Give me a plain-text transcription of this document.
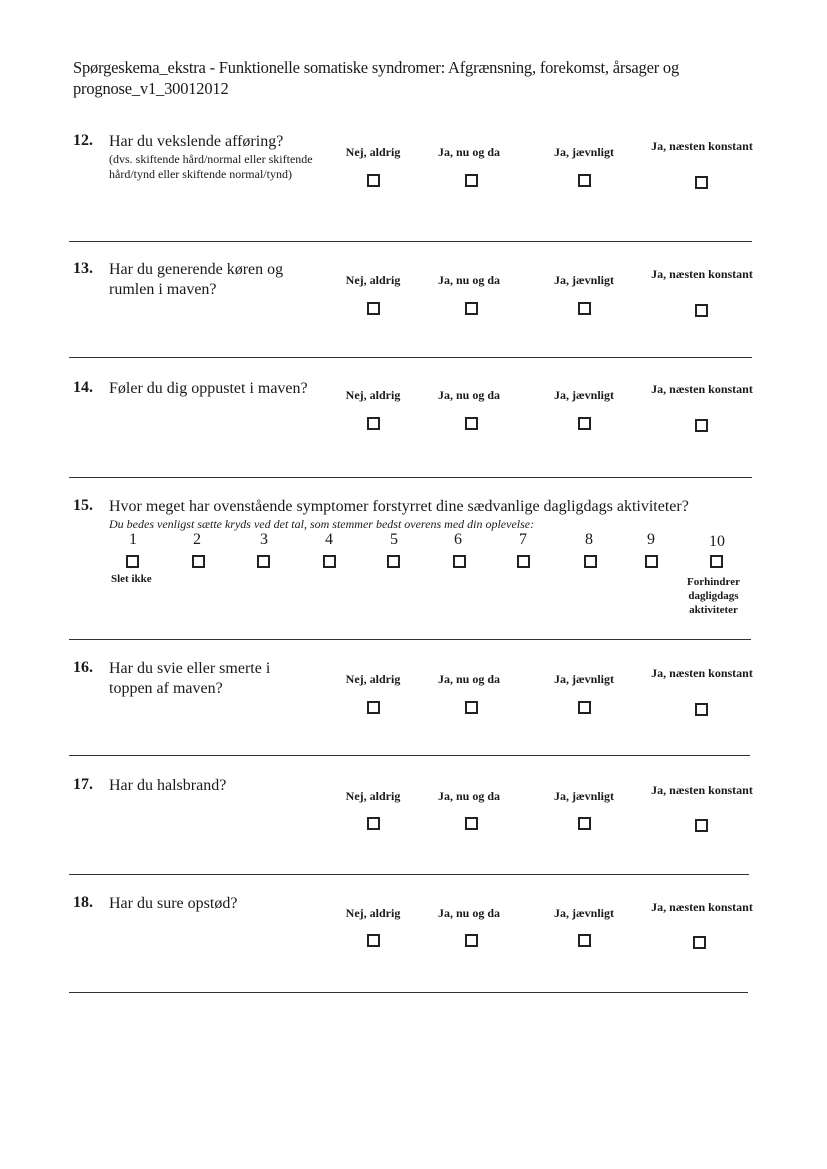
Spørgeskema_ekstra - Funktionelle somatiske syndromer: Afgrænsning, forekomst, årsager og prognose_v1_30012012
12. Har du vekslende afføring?
(dvs. skiftende hård/normal eller skiftende hård/tynd eller skiftende normal/tynd)
Nej, aldrig	Ja, nu og da	Ja, jævnligt	Ja, næsten konstant
13. Har du generende køren og rumlen i maven?
Nej, aldrig	Ja, nu og da	Ja, jævnligt	Ja, næsten konstant
14. Føler du dig oppustet i maven?	Nej, aldrig	Ja, nu og da	Ja, jævnligt	Ja, næsten konstant
15. Hvor meget har ovenstående symptomer forstyrret dine sædvanlige dagligdags aktiviteter?
Du bedes venligst sætte kryds ved det tal, som stemmer bedst overens med din oplevelse:
1	2	3	4	5	6	7	8	9	10
Slet ikke	Forhindrer dagligdags aktiviteter
16. Har du svie eller smerte i toppen af maven?
Nej, aldrig	Ja, nu og da	Ja, jævnligt	Ja, næsten konstant
17. Har du halsbrand?
Nej, aldrig	Ja, nu og da	Ja, jævnligt	Ja, næsten konstant
18. Har du sure opstød?
Nej, aldrig	Ja, nu og da	Ja, jævnligt	Ja, næsten konstant
